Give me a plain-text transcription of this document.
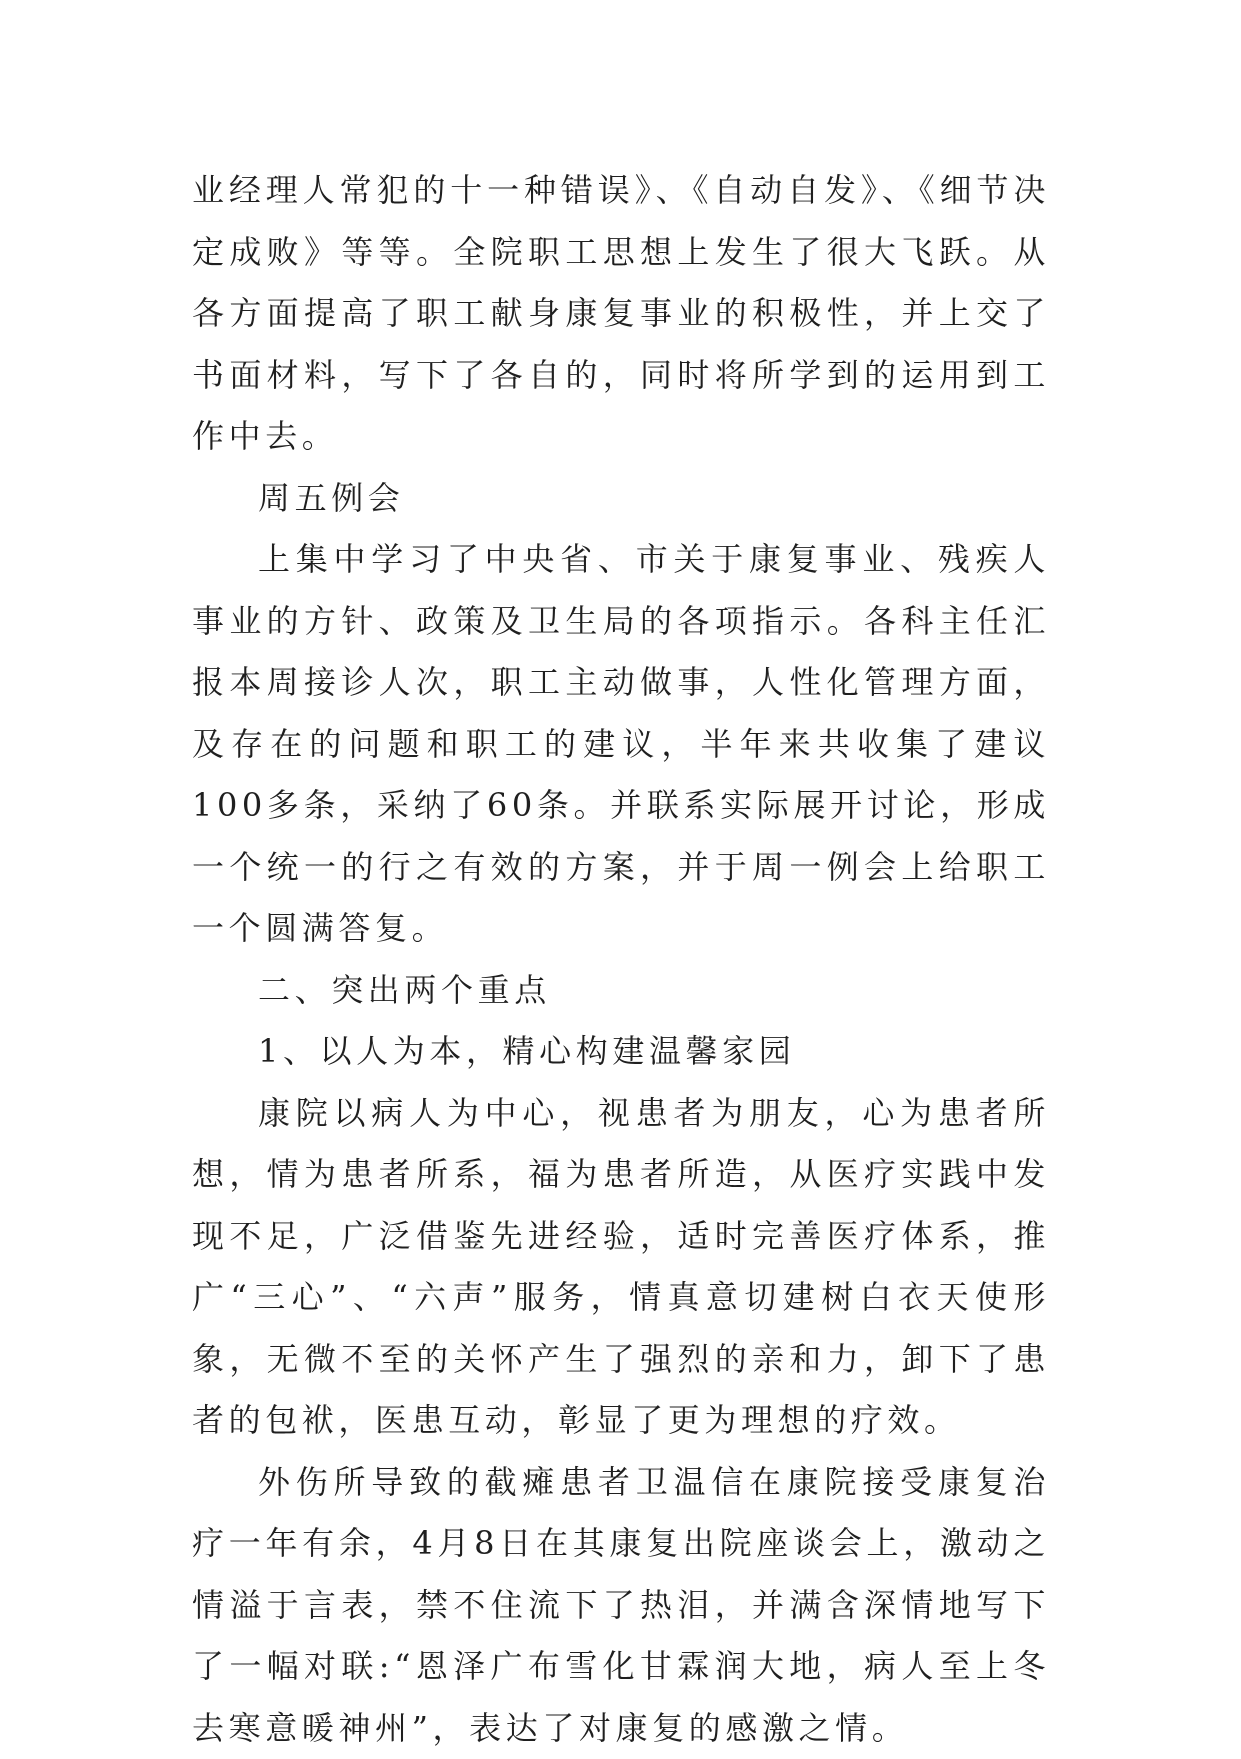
业经理人常犯的十一种错误》、《自动自发》、《细节决定成败》等等。全院职工思想上发生了很大飞跃。从各方面提高了职工献身康复事业的积极性，并上交了书面材料，写下了各自的，同时将所学到的运用到工作中去。

周五例会

上集中学习了中央省、市关于康复事业、残疾人事业的方针、政策及卫生局的各项指示。各科主任汇报本周接诊人次，职工主动做事，人性化管理方面，及存在的问题和职工的建议，半年来共收集了建议100多条，采纳了60条。并联系实际展开讨论，形成一个统一的行之有效的方案，并于周一例会上给职工一个圆满答复。

二、突出两个重点

1、以人为本，精心构建温馨家园

康院以病人为中心，视患者为朋友，心为患者所想，情为患者所系，福为患者所造，从医疗实践中发现不足，广泛借鉴先进经验，适时完善医疗体系，推广“三心”、“六声”服务，情真意切建树白衣天使形象，无微不至的关怀产生了强烈的亲和力，卸下了患者的包袱，医患互动，彰显了更为理想的疗效。

外伤所导致的截瘫患者卫温信在康院接受康复治疗一年有余，4月8日在其康复出院座谈会上，激动之情溢于言表，禁不住流下了热泪，并满含深情地写下了一幅对联:“恩泽广布雪化甘霖润大地，病人至上冬去寒意暖神州”，表达了对康复的感激之情。
